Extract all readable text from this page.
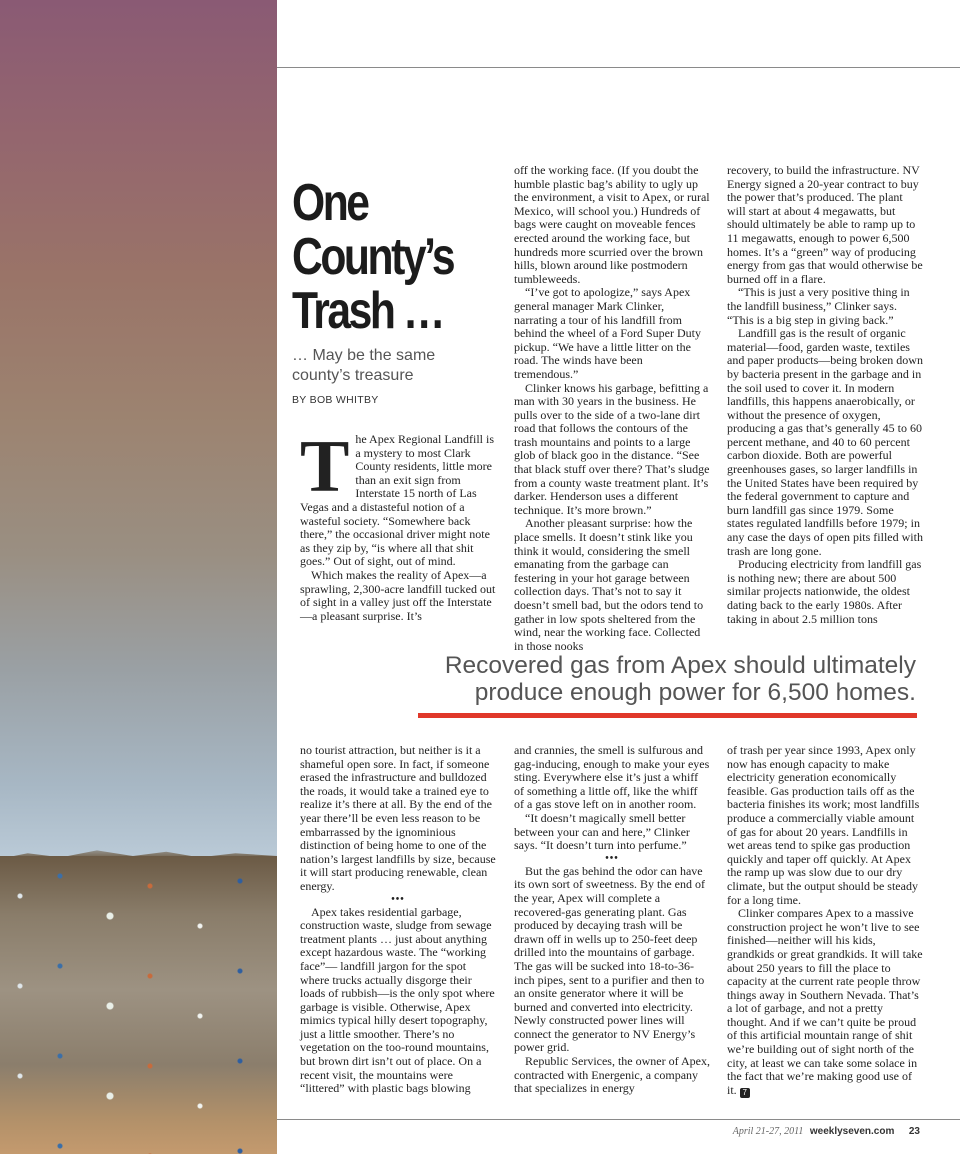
One
County’s
Trash …
… May be the same
county’s treasure
BY BOB WHITBY
T he Apex Regional Landfill is a mystery to most Clark County residents, little more than an exit sign from Interstate 15 north of Las Vegas and a distasteful notion of a wasteful society. “Somewhere back there,” the occasional driver might note as they zip by, “is where all that shit goes.” Out of sight, out of mind.

Which makes the reality of Apex—a sprawling, 2,300-acre landfill tucked out of sight in a valley just off the Interstate—a pleasant surprise. It’s

off the working face. (If you doubt the humble plastic bag’s ability to ugly up the environment, a visit to Apex, or rural Mexico, will school you.) Hundreds of bags were caught on moveable fences erected around the working face, but hundreds more scurried over the brown hills, blown around like postmodern tumbleweeds.

“I’ve got to apologize,” says Apex general manager Mark Clinker, narrating a tour of his landfill from behind the wheel of a Ford Super Duty pickup. “We have a little litter on the road. The winds have been tremendous.”

Clinker knows his garbage, befitting a man with 30 years in the business. He pulls over to the side of a two-lane dirt road that follows the contours of the trash mountains and points to a large glob of black goo in the distance. “See that black stuff over there? That’s sludge from a county waste treatment plant. It’s darker. Henderson uses a different technique. It’s more brown.”

Another pleasant surprise: how the place smells. It doesn’t stink like you think it would, considering the smell emanating from the garbage can festering in your hot garage between collection days. That’s not to say it doesn’t smell bad, but the odors tend to gather in low spots sheltered from the wind, near the working face. Collected in those nooks

recovery, to build the infrastructure. NV Energy signed a 20-year contract to buy the power that’s produced. The plant will start at about 4 megawatts, but should ultimately be able to ramp up to 11 megawatts, enough to power 6,500 homes. It’s a “green” way of producing energy from gas that would otherwise be burned off in a flare.

“This is just a very positive thing in the landfill business,” Clinker says. “This is a big step in giving back.”

Landfill gas is the result of organic material—food, garden waste, textiles and paper products—being broken down by bacteria present in the garbage and in the soil used to cover it. In modern landfills, this happens anaerobically, or without the presence of oxygen, producing a gas that’s generally 45 to 60 percent methane, and 40 to 60 percent carbon dioxide. Both are powerful greenhouses gases, so larger landfills in the United States have been required by the federal government to capture and burn landfill gas since 1979. Some states regulated landfills before 1979; in any case the days of open pits filled with trash are long gone.

Producing electricity from landfill gas is nothing new; there are about 500 similar projects nationwide, the oldest dating back to the early 1980s. After taking in about 2.5 million tons

Recovered gas from Apex should ultimately
produce enough power for 6,500 homes.

no tourist attraction, but neither is it a shameful open sore. In fact, if someone erased the infrastructure and bulldozed the roads, it would take a trained eye to realize it’s there at all. By the end of the year there’ll be even less reason to be embarrassed by the ignominious distinction of being home to one of the nation’s largest landfills by size, because it will start producing renewable, clean energy.

•••

Apex takes residential garbage, construction waste, sludge from sewage treatment plants … just about anything except hazardous waste. The “working face”— landfill jargon for the spot where trucks actually disgorge their loads of rubbish—is the only spot where garbage is visible. Otherwise, Apex mimics typical hilly desert topography, just a little smoother. There’s no vegetation on the too-round mountains, but brown dirt isn’t out of place. On a recent visit, the mountains were “littered” with plastic bags blowing

and crannies, the smell is sulfurous and gag-inducing, enough to make your eyes sting. Everywhere else it’s just a whiff of something a little off, like the whiff of a gas stove left on in another room.

“It doesn’t magically smell better between your can and here,” Clinker says. “It doesn’t turn into perfume.”

•••

But the gas behind the odor can have its own sort of sweetness. By the end of the year, Apex will complete a recovered-gas generating plant. Gas produced by decaying trash will be drawn off in wells up to 250-feet deep drilled into the mountains of garbage. The gas will be sucked into 18-to-36-inch pipes, sent to a purifier and then to an onsite generator where it will be burned and converted into electricity. Newly constructed power lines will connect the generator to NV Energy’s power grid.

Republic Services, the owner of Apex, contracted with Energenic, a company that specializes in energy

of trash per year since 1993, Apex only now has enough capacity to make electricity generation economically feasible. Gas production tails off as the bacteria finishes its work; most landfills produce a commercially viable amount of gas for about 20 years. Landfills in wet areas tend to spike gas production quickly and taper off quickly. At Apex the ramp up was slow due to our dry climate, but the output should be steady for a long time.

Clinker compares Apex to a massive construction project he won’t live to see finished—neither will his kids, grandkids or great grandkids. It will take about 250 years to fill the place to capacity at the current rate people throw things away in Southern Nevada. That’s a lot of garbage, and not a pretty thought. And if we can’t quite be proud of this artificial mountain range of shit we’re building out of sight north of the city, at least we can take some solace in the fact that we’re making good use of it. 7

April 21-27, 2011 weeklyseven.com 23
